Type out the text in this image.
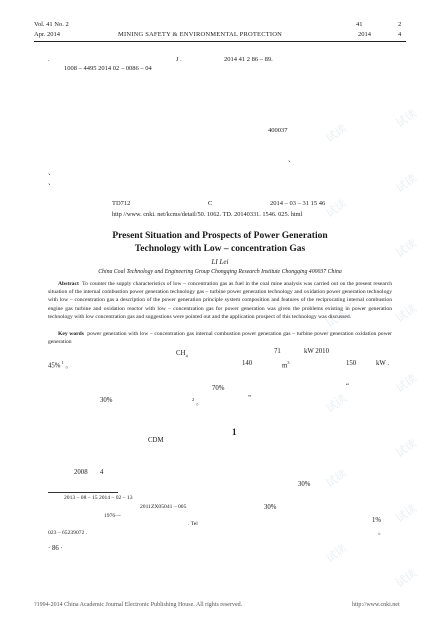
试读
试读
试读
试读
试读
试读
试读
试读
试读
试读
试读
试读
试读
试读
Vol. 41 No. 2
Apr. 2014	MINING SAFETY & ENVIRONMENTAL PROTECTION
41	2
2014	4
.	J .	2014 41 2 86 – 89.
1008 – 4495 2014 02 – 0086 – 04
400037
、
、
、
TD712	C	2014 – 03 – 31 15 46
http //www. cnki. net/kcms/detail/50. 1062. TD. 20140331. 1546. 025. html
Present Situation and Prospects of Power Generation
Technology with Low – concentration Gas
LI Lei
China Coal Technology and Engineering Group Chongqing Research Institute Chongqing 400037 China
Abstract To counter the supply characteristics of low – concentration gas as fuel in the coal mine analysis was carried out on the present research situation of the internal combustion power generation technology gas – turbine power generation technology and oxidation power generation technology with low – concentration gas a description of the power generation principle system composition and features of the reciprocating internal combustion engine gas turbine and oxidation reactor with low – concentration gas for power generation was given the problems existing in power generation technology with low concentration gas and suggestions were pointed out and the application prospect of this technology was discussed.
Key words power generation with low – concentration gas internal combustion power generation gas – turbine power generation oxidation power generation
$CH_4$
71	kW 2010
45% $^1$ 。	140	$m^3$	150	kW .
70%	“
30%	$^2$ 。
”
CDM
1
2008 4
30%
30%
1%
。
2013 – 08 – 15 2014 – 02 – 13
2011ZX05041 – 005
1976—
. Tel
023 – 65239072 .
· 86 ·
?1994-2014 China Academic Journal Electronic Publishing House. All rights reserved.	http://www.cnki.net
